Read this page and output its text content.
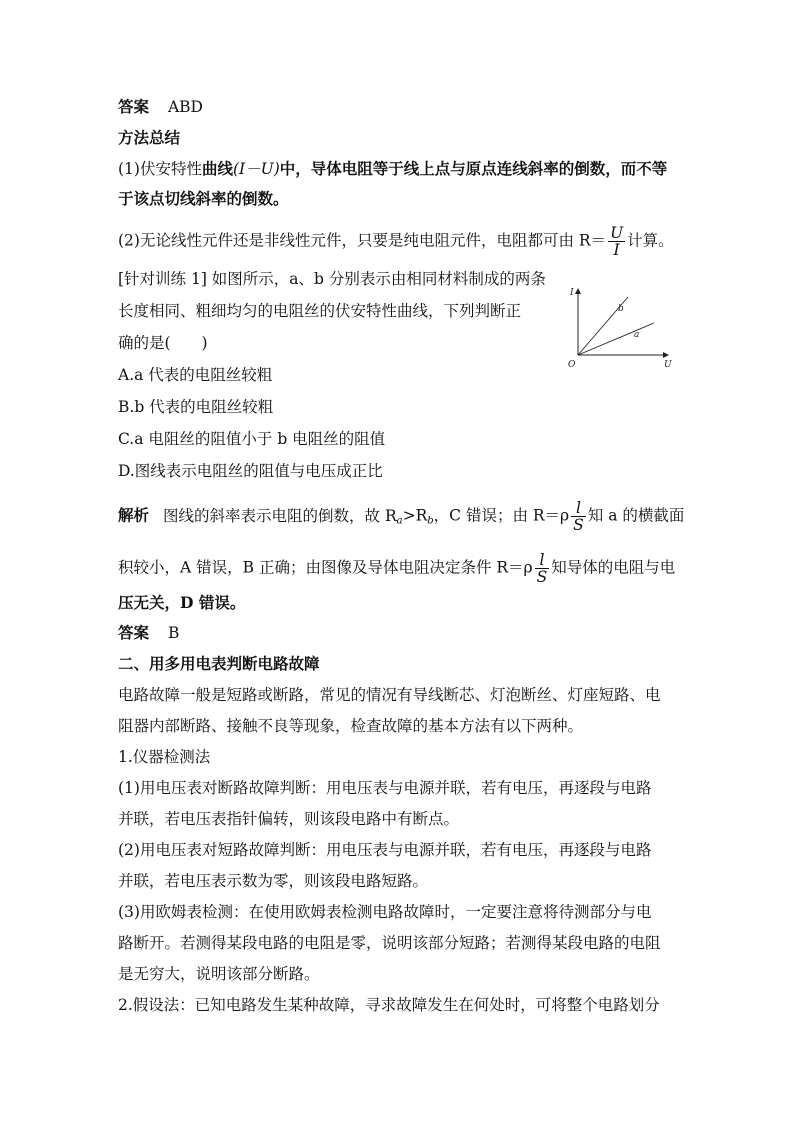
答案 ABD
方法总结
(1)伏安特性曲线(I－U)中，导体电阻等于线上点与原点连线斜率的倒数，而不等
于该点切线斜率的倒数。
(2)无论线性元件还是非线性元件，只要是纯电阻元件，电阻都可由 $R= \frac{U}{I}$ 计算。
[针对训练 1] 如图所示，a、b 分别表示由相同材料制成的两条
长度相同、粗细均匀的电阻丝的伏安特性曲线，下列判断正
确的是(　　)
A.a 代表的电阻丝较粗
B.b 代表的电阻丝较粗
C.a 电阻丝的阻值小于 b 电阻丝的阻值
D.图线表示电阻丝的阻值与电压成正比
I
U
O
b
a
解析 图线的斜率表示电阻的倒数，故 $R_a>R_b$，C 错误；由 $R=\rho \frac{l}{S}$ 知 a 的横截面
积较小，A 错误，B 正确；由图像及导体电阻决定条件 $R=\rho \frac{l}{S}$ 知导体的电阻与电
压无关，D 错误。
答案 B
二、用多用电表判断电路故障
电路故障一般是短路或断路，常见的情况有导线断芯、灯泡断丝、灯座短路、电
阻器内部断路、接触不良等现象，检查故障的基本方法有以下两种。
1.仪器检测法
(1)用电压表对断路故障判断：用电压表与电源并联，若有电压，再逐段与电路
并联，若电压表指针偏转，则该段电路中有断点。
(2)用电压表对短路故障判断：用电压表与电源并联，若有电压，再逐段与电路
并联，若电压表示数为零，则该段电路短路。
(3)用欧姆表检测：在使用欧姆表检测电路故障时，一定要注意将待测部分与电
路断开。若测得某段电路的电阻是零，说明该部分短路；若测得某段电路的电阻
是无穷大，说明该部分断路。
2.假设法：已知电路发生某种故障，寻求故障发生在何处时，可将整个电路划分
